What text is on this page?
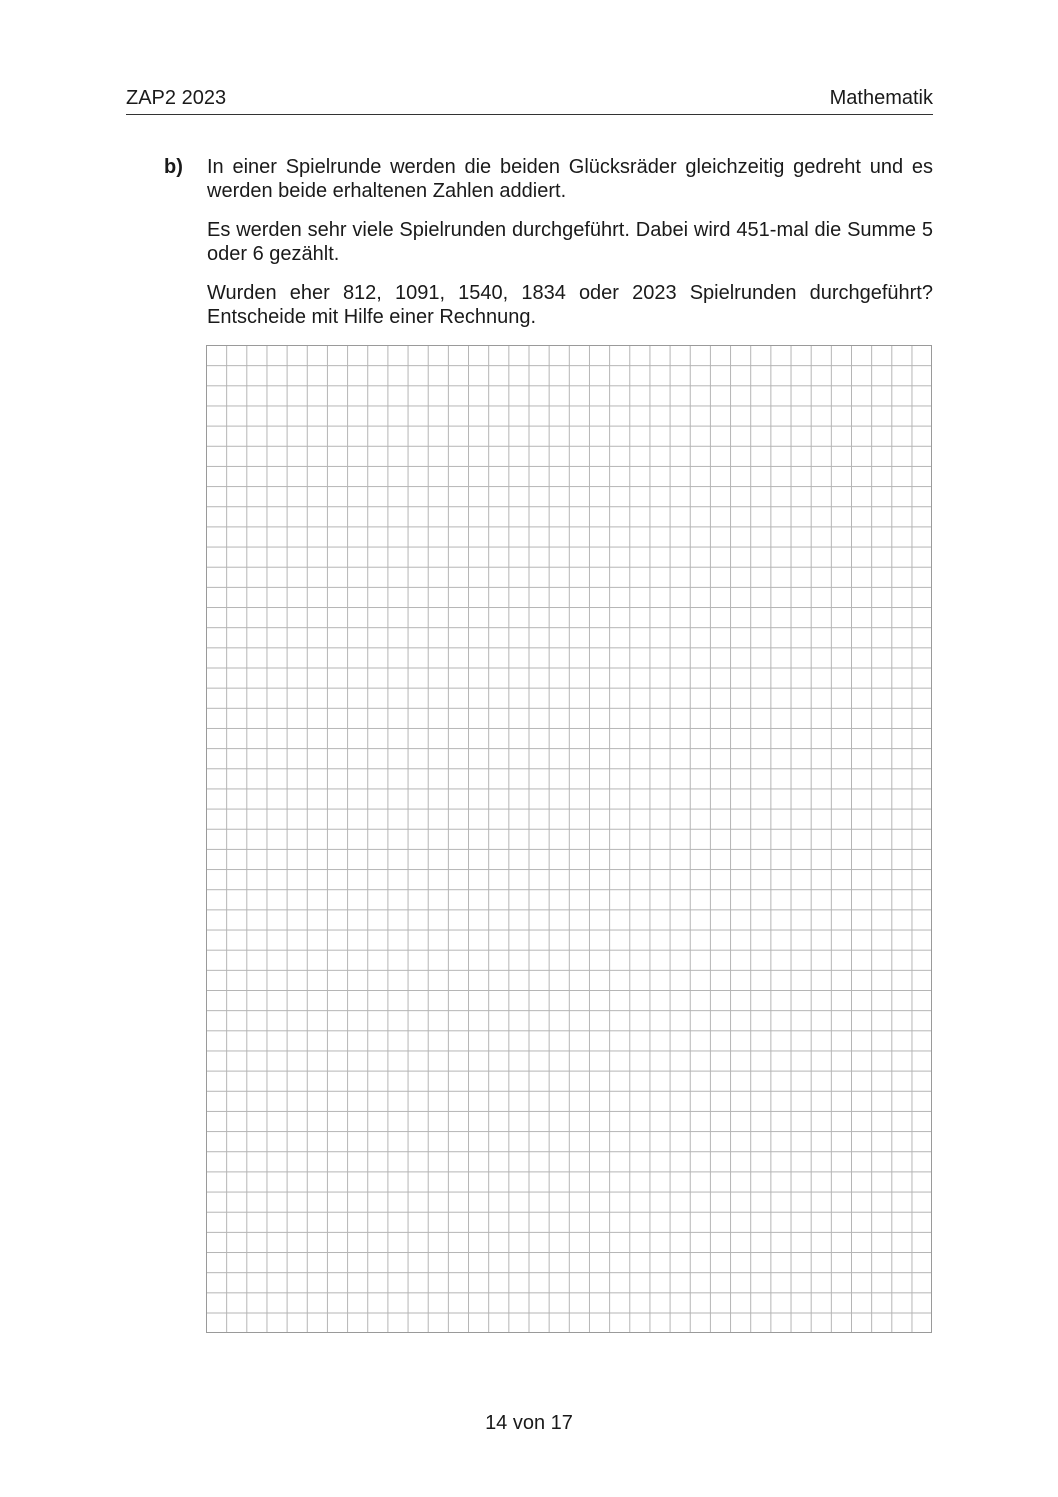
ZAP2 2023	Mathematik
b) In einer Spielrunde werden die beiden Glücksräder gleichzeitig gedreht und es werden beide erhaltenen Zahlen addiert.

Es werden sehr viele Spielrunden durchgeführt. Dabei wird 451-mal die Summe 5 oder 6 gezählt.

Wurden eher 812, 1091, 1540, 1834 oder 2023 Spielrunden durchgeführt? Entscheide mit Hilfe einer Rechnung.

14 von 17
